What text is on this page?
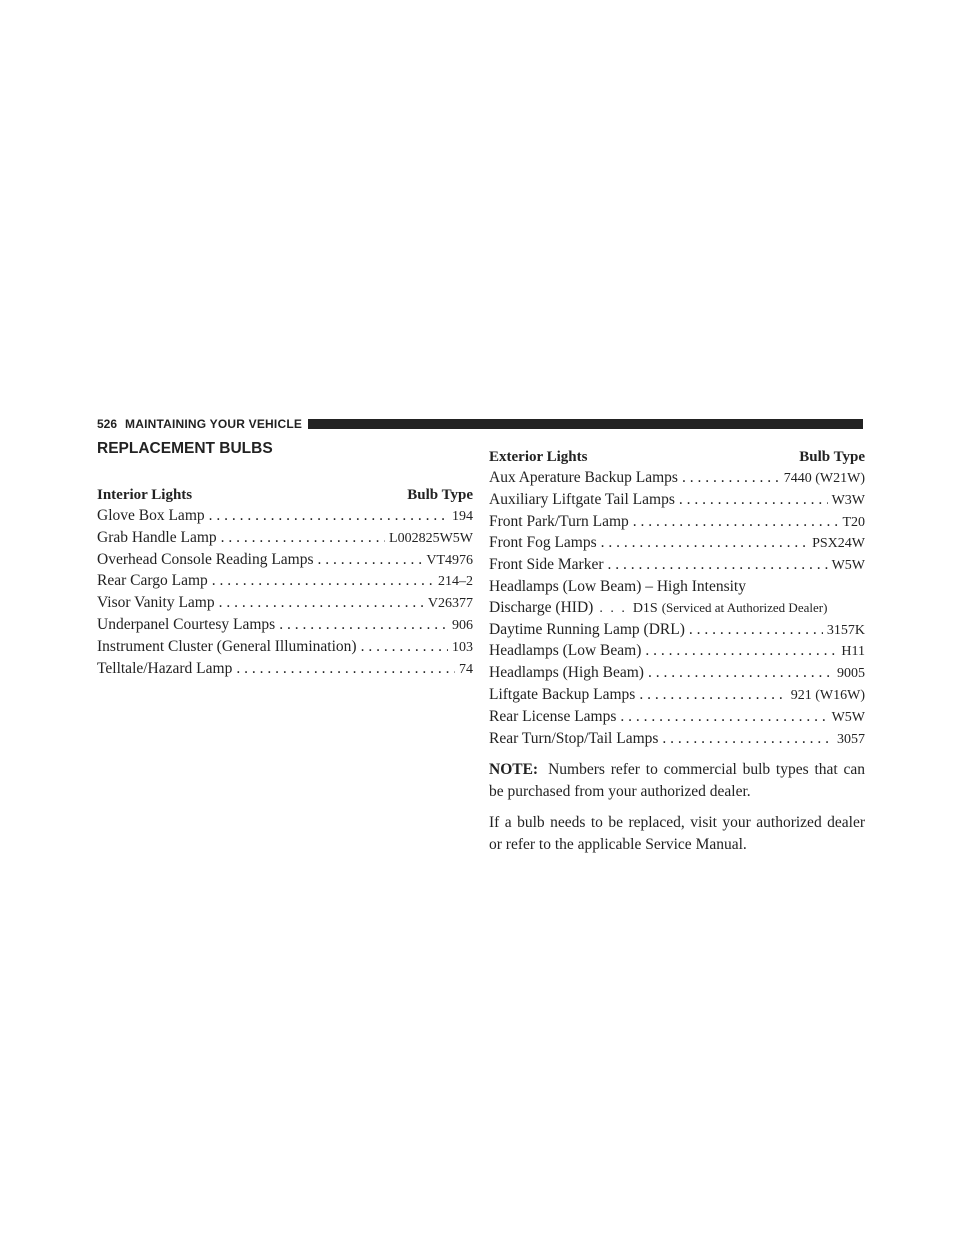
526 MAINTAINING YOUR VEHICLE
REPLACEMENT BULBS
Interior Lights	Bulb Type
Glove Box Lamp . . .	194
Grab Handle Lamp . . .	L002825W5W
Overhead Console Reading Lamps . . .	VT4976
Rear Cargo Lamp . . .	214–2
Visor Vanity Lamp . . .	V26377
Underpanel Courtesy Lamps . . .	906
Instrument Cluster (General Illumination) . . .	103
Telltale/Hazard Lamp . . .	74
Exterior Lights	Bulb Type
Aux Aperature Backup Lamps . . .	7440 (W21W)
Auxiliary Liftgate Tail Lamps . . .	W3W
Front Park/Turn Lamp . . .	T20
Front Fog Lamps . . .	PSX24W
Front Side Marker . . .	W5W
Headlamps (Low Beam) – High Intensity
Discharge (HID) . . . D1S (Serviced at Authorized Dealer)
Daytime Running Lamp (DRL) . . .	3157K
Headlamps (Low Beam) . . .	H11
Headlamps (High Beam) . . .	9005
Liftgate Backup Lamps . . .	921 (W16W)
Rear License Lamps . . .	W5W
Rear Turn/Stop/Tail Lamps . . .	3057
NOTE: Numbers refer to commercial bulb types that can be purchased from your authorized dealer.
If a bulb needs to be replaced, visit your authorized dealer or refer to the applicable Service Manual.
